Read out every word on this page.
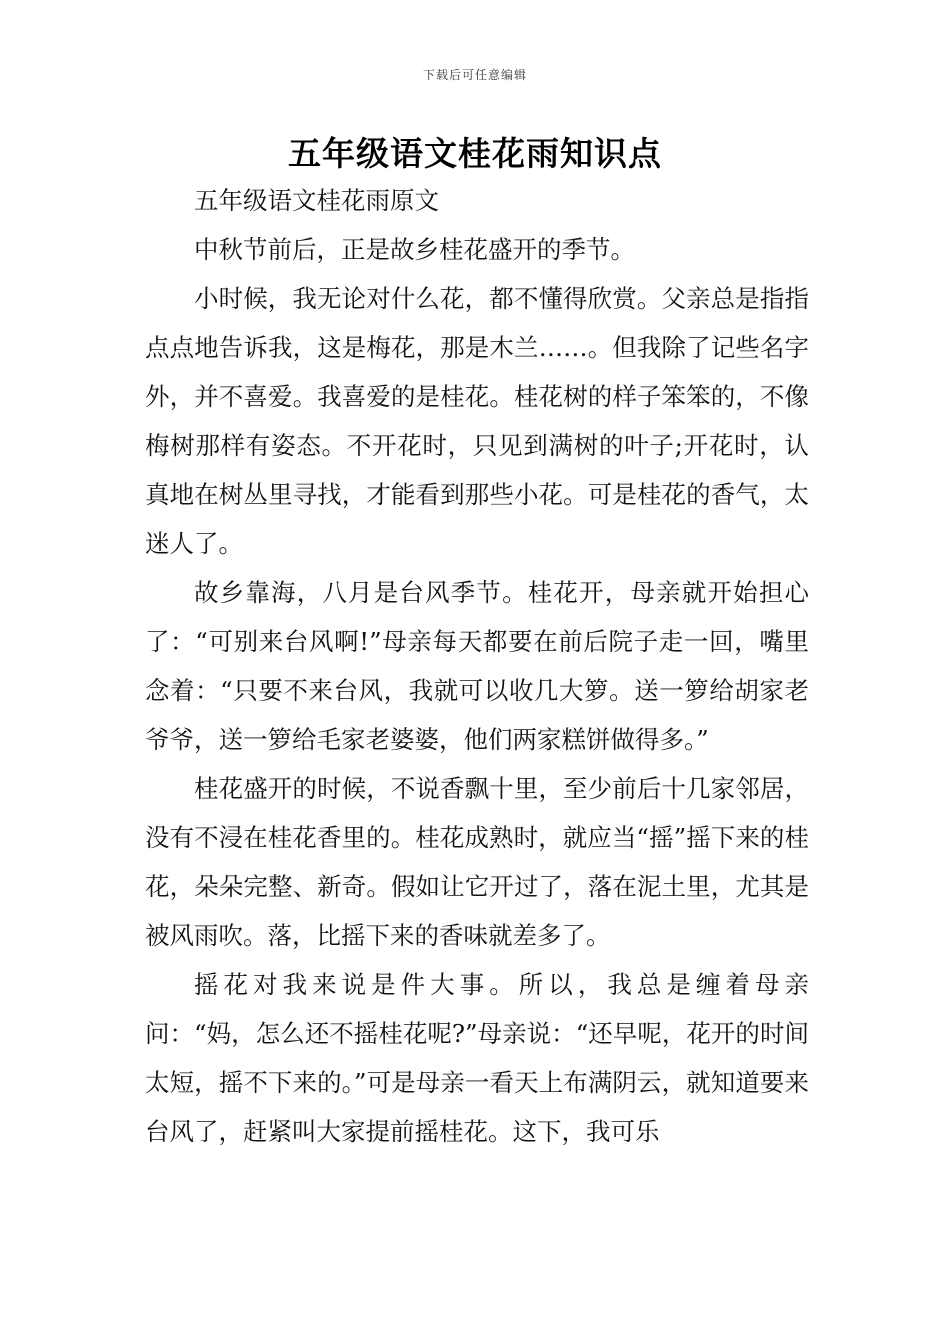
下载后可任意编辑
五年级语文桂花雨知识点

五年级语文桂花雨原文

中秋节前后，正是故乡桂花盛开的季节。

小时候，我无论对什么花，都不懂得欣赏。父亲总是指指点点地告诉我，这是梅花，那是木兰……。但我除了记些名字外，并不喜爱。我喜爱的是桂花。桂花树的样子笨笨的，不像梅树那样有姿态。不开花时，只见到满树的叶子;开花时，认真地在树丛里寻找，才能看到那些小花。可是桂花的香气，太迷人了。

故乡靠海，八月是台风季节。桂花开，母亲就开始担心了：“可别来台风啊!”母亲每天都要在前后院子走一回，嘴里念着：“只要不来台风，我就可以收几大箩。送一箩给胡家老爷爷，送一箩给毛家老婆婆，他们两家糕饼做得多。”

桂花盛开的时候，不说香飘十里，至少前后十几家邻居，没有不浸在桂花香里的。桂花成熟时，就应当“摇”摇下来的桂花，朵朵完整、新奇。假如让它开过了，落在泥土里，尤其是被风雨吹。落，比摇下来的香味就差多了。

摇花对我来说是件大事。所以，我总是缠着母亲问：“妈，怎么还不摇桂花呢?”母亲说：“还早呢，花开的时间太短，摇不下来的。”可是母亲一看天上布满阴云，就知道要来台风了，赶紧叫大家提前摇桂花。这下，我可乐
